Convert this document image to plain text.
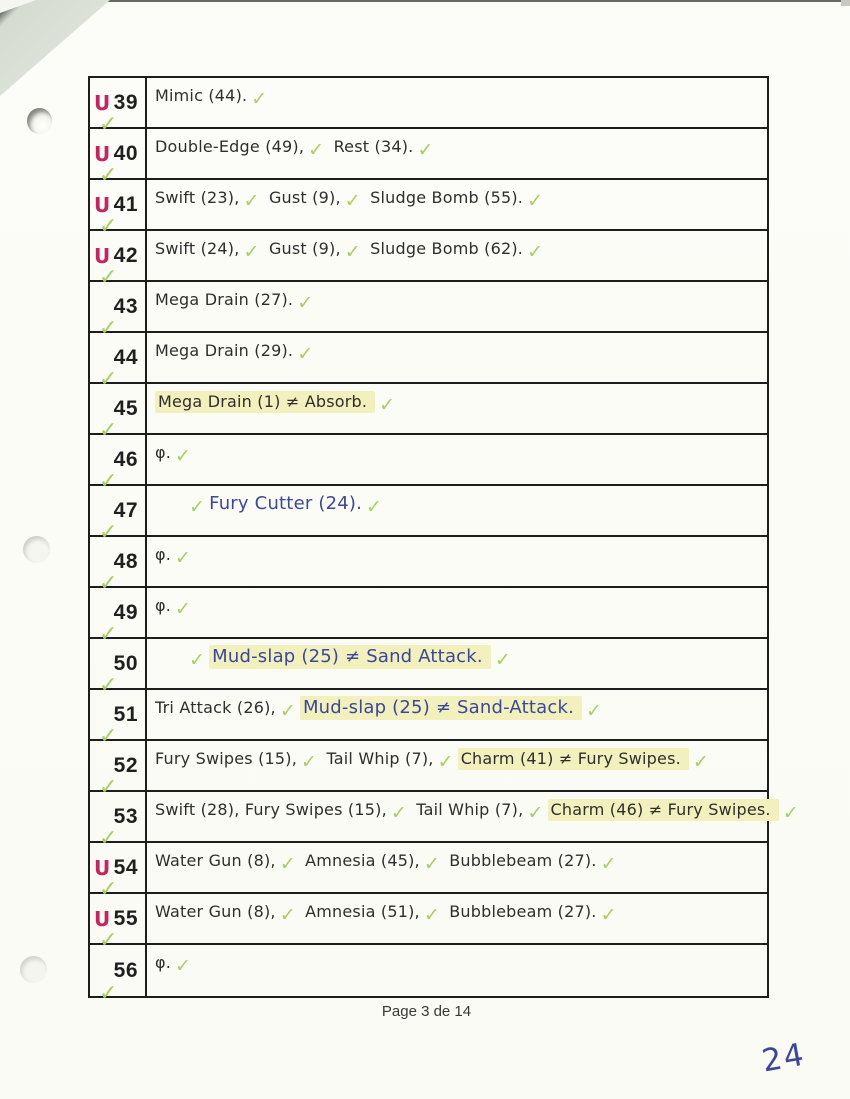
U 39
✓
Mimic (44). ✓
U 40
✓
Double-Edge (49), ✓ Rest (34). ✓
U 41
✓
Swift (23), ✓ Gust (9), ✓ Sludge Bomb (55). ✓
U 42
✓
Swift (24), ✓ Gust (9), ✓ Sludge Bomb (62). ✓
43
✓
Mega Drain (27). ✓
44
✓
Mega Drain (29). ✓
45
✓
Mega Drain (1) ≠ Absorb. ✓
46
✓
φ. ✓
47
✓
✓ Fury Cutter (24). ✓
48
✓
φ. ✓
49
✓
φ. ✓
50
✓
✓ Mud-slap (25) ≠ Sand Attack. ✓
51
✓
Tri Attack (26), ✓ Mud-slap (25) ≠ Sand-Attack. ✓
52
✓
Fury Swipes (15), ✓ Tail Whip (7), ✓ Charm (41) ≠ Fury Swipes. ✓
53
✓
Swift (28), Fury Swipes (15), ✓ Tail Whip (7), ✓ Charm (46) ≠ Fury Swipes. ✓
U 54
✓
Water Gun (8), ✓ Amnesia (45), ✓ Bubblebeam (27). ✓
U 55
✓
Water Gun (8), ✓ Amnesia (51), ✓ Bubblebeam (27). ✓
56
✓
φ. ✓
Page 3 de 14
24
